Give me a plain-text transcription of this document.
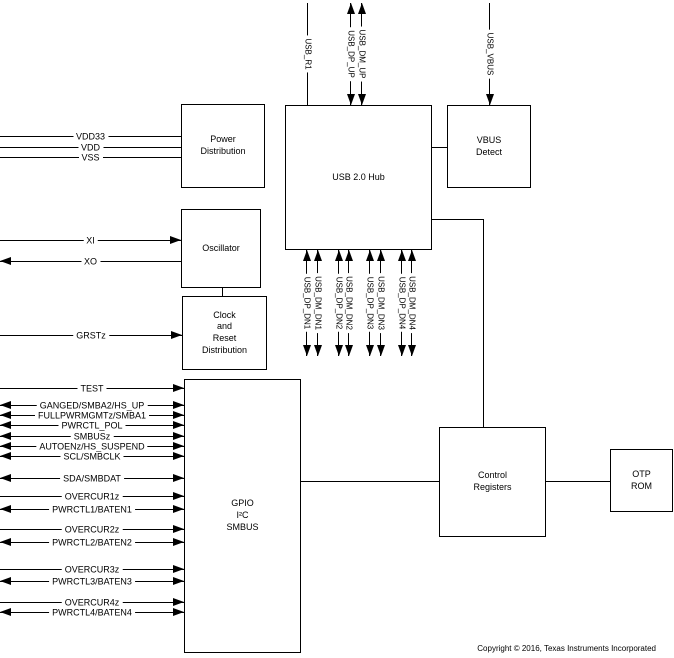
Power
Distribution
USB 2.0 Hub
VBUS
Detect
Oscillator
Clock
and
Reset
Distribution
GPIO
I²C
SMBUS
Control
Registers
OTP
ROM
USB_R1	USB_DP_UP USB_DM_UP	USB_VBUS
USB_DP_DN1 USB_DM_DN1 USB_DP_DN2 USB_DM_DN2 USB_DP_DN3 USB_DM_DN3 USB_DP_DN4 USB_DM_DN4
VDD33
VDD
VSS
XI
XO
GRSTz
TEST
GANGED/SMBA2/HS_UP
FULLPWRMGMTz/SMBA1
PWRCTL_POL
SMBUSz
AUTOENz/HS_SUSPEND
SCL/SMBCLK
SDA/SMBDAT
OVERCUR1z
PWRCTL1/BATEN1
OVERCUR2z
PWRCTL2/BATEN2
OVERCUR3z
PWRCTL3/BATEN3
OVERCUR4z
PWRCTL4/BATEN4
Copyright © 2016, Texas Instruments Incorporated
